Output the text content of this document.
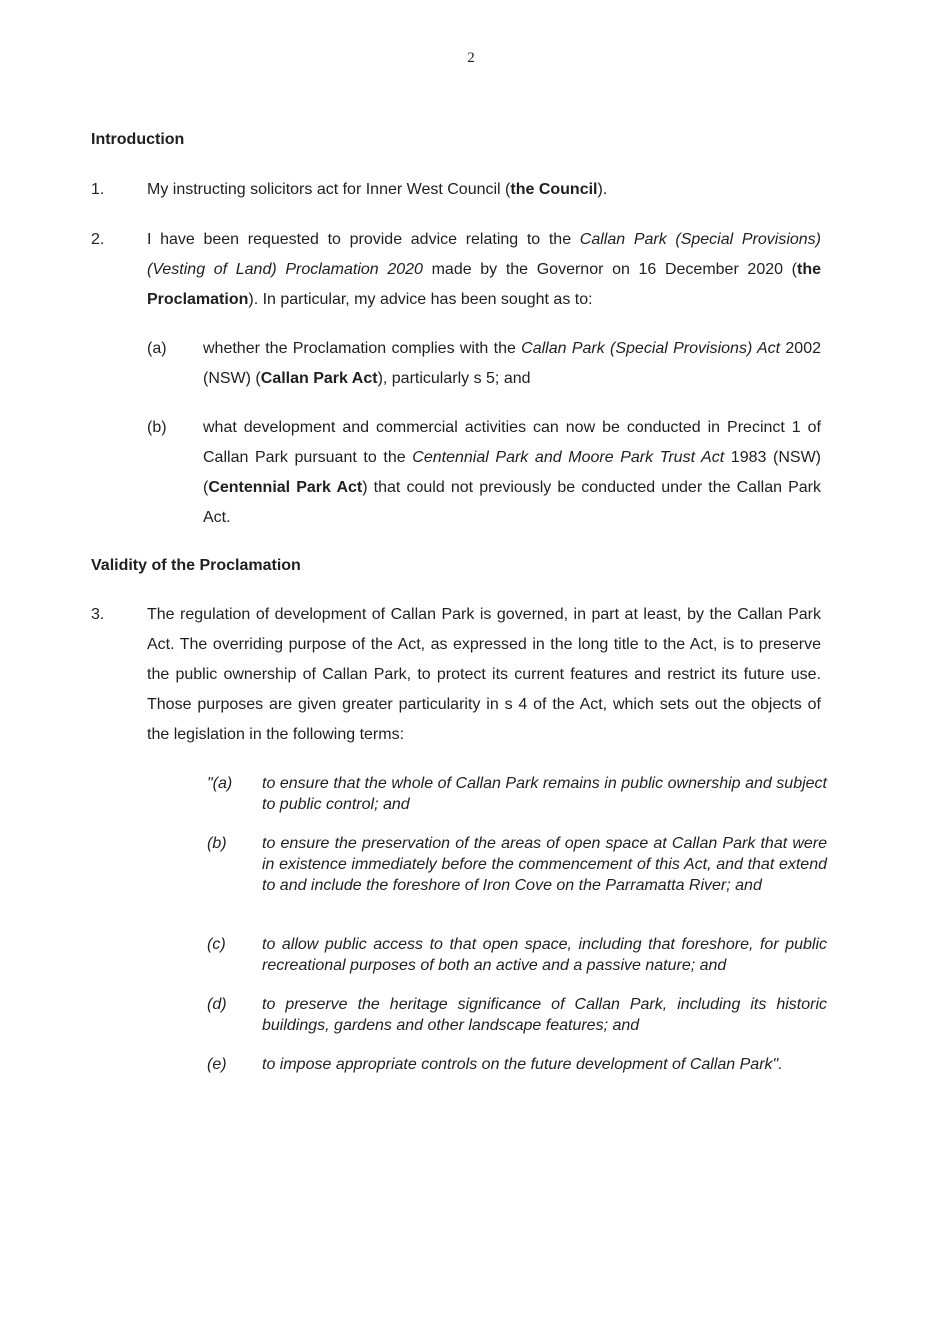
2
Introduction
1.	My instructing solicitors act for Inner West Council (the Council).
2.	I have been requested to provide advice relating to the Callan Park (Special Provisions) (Vesting of Land) Proclamation 2020 made by the Governor on 16 December 2020 (the Proclamation). In particular, my advice has been sought as to:
(a) whether the Proclamation complies with the Callan Park (Special Provisions) Act 2002 (NSW) (Callan Park Act), particularly s 5; and
(b) what development and commercial activities can now be conducted in Precinct 1 of Callan Park pursuant to the Centennial Park and Moore Park Trust Act 1983 (NSW) (Centennial Park Act) that could not previously be conducted under the Callan Park Act.
Validity of the Proclamation
3.	The regulation of development of Callan Park is governed, in part at least, by the Callan Park Act. The overriding purpose of the Act, as expressed in the long title to the Act, is to preserve the public ownership of Callan Park, to protect its current features and restrict its future use. Those purposes are given greater particularity in s 4 of the Act, which sets out the objects of the legislation in the following terms:
"(a) to ensure that the whole of Callan Park remains in public ownership and subject to public control; and
(b) to ensure the preservation of the areas of open space at Callan Park that were in existence immediately before the commencement of this Act, and that extend to and include the foreshore of Iron Cove on the Parramatta River; and
(c) to allow public access to that open space, including that foreshore, for public recreational purposes of both an active and a passive nature; and
(d) to preserve the heritage significance of Callan Park, including its historic buildings, gardens and other landscape features; and
(e) to impose appropriate controls on the future development of Callan Park".
